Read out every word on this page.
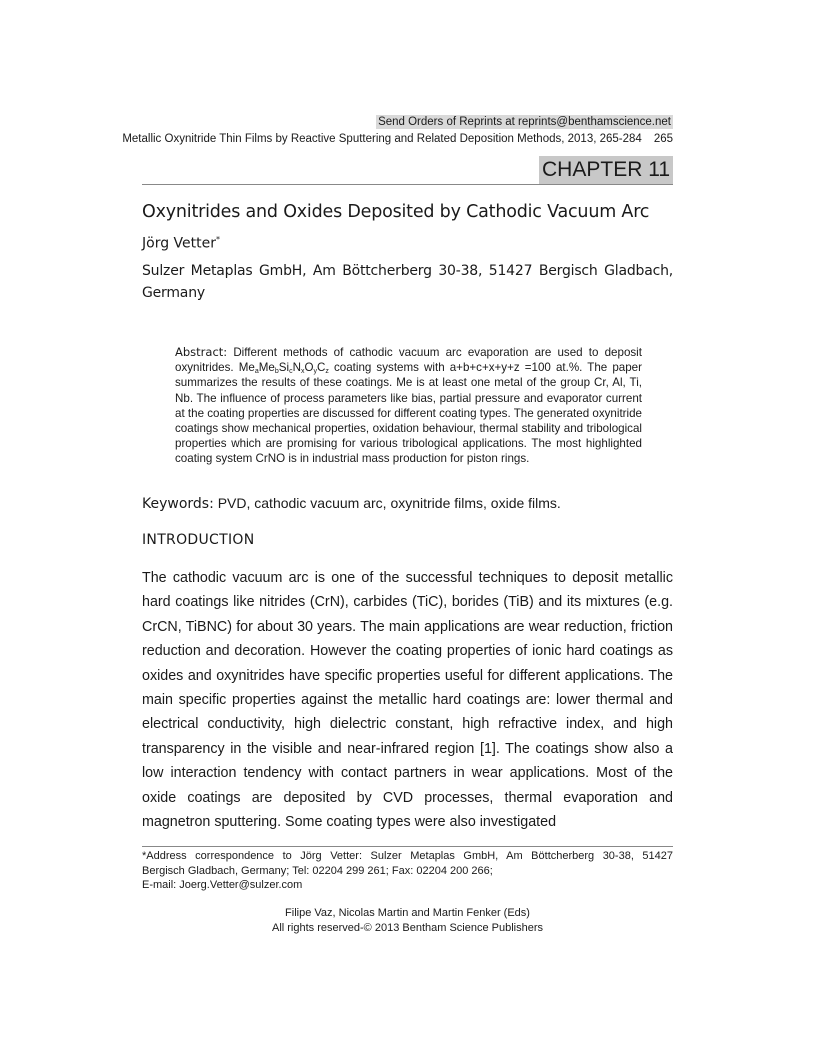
Send Orders of Reprints at reprints@benthamscience.net
Metallic Oxynitride Thin Films by Reactive Sputtering and Related Deposition Methods, 2013, 265-284 265
CHAPTER 11
Oxynitrides and Oxides Deposited by Cathodic Vacuum Arc
Jörg Vetter*
Sulzer Metaplas GmbH, Am Böttcherberg 30-38, 51427 Bergisch Gladbach, Germany
Abstract: Different methods of cathodic vacuum arc evaporation are used to deposit oxynitrides. $Me_aMe_bSi_cN_xO_yC_z$ coating systems with a+b+c+x+y+z =100 at.%. The paper summarizes the results of these coatings. Me is at least one metal of the group Cr, Al, Ti, Nb. The influence of process parameters like bias, partial pressure and evaporator current at the coating properties are discussed for different coating types. The generated oxynitride coatings show mechanical properties, oxidation behaviour, thermal stability and tribological properties which are promising for various tribological applications. The most highlighted coating system CrNO is in industrial mass production for piston rings.
Keywords: PVD, cathodic vacuum arc, oxynitride films, oxide films.
INTRODUCTION
The cathodic vacuum arc is one of the successful techniques to deposit metallic hard coatings like nitrides (CrN), carbides (TiC), borides (TiB) and its mixtures (e.g. CrCN, TiBNC) for about 30 years. The main applications are wear reduction, friction reduction and decoration. However the coating properties of ionic hard coatings as oxides and oxynitrides have specific properties useful for different applications. The main specific properties against the metallic hard coatings are: lower thermal and electrical conductivity, high dielectric constant, high refractive index, and high transparency in the visible and near-infrared region [1]. The coatings show also a low interaction tendency with contact partners in wear applications. Most of the oxide coatings are deposited by CVD processes, thermal evaporation and magnetron sputtering. Some coating types were also investigated
*Address correspondence to Jörg Vetter: Sulzer Metaplas GmbH, Am Böttcherberg 30-38, 51427
Bergisch Gladbach, Germany; Tel: 02204 299 261; Fax: 02204 200 266;
E-mail: Joerg.Vetter@sulzer.com
Filipe Vaz, Nicolas Martin and Martin Fenker (Eds)
All rights reserved-© 2013 Bentham Science Publishers
